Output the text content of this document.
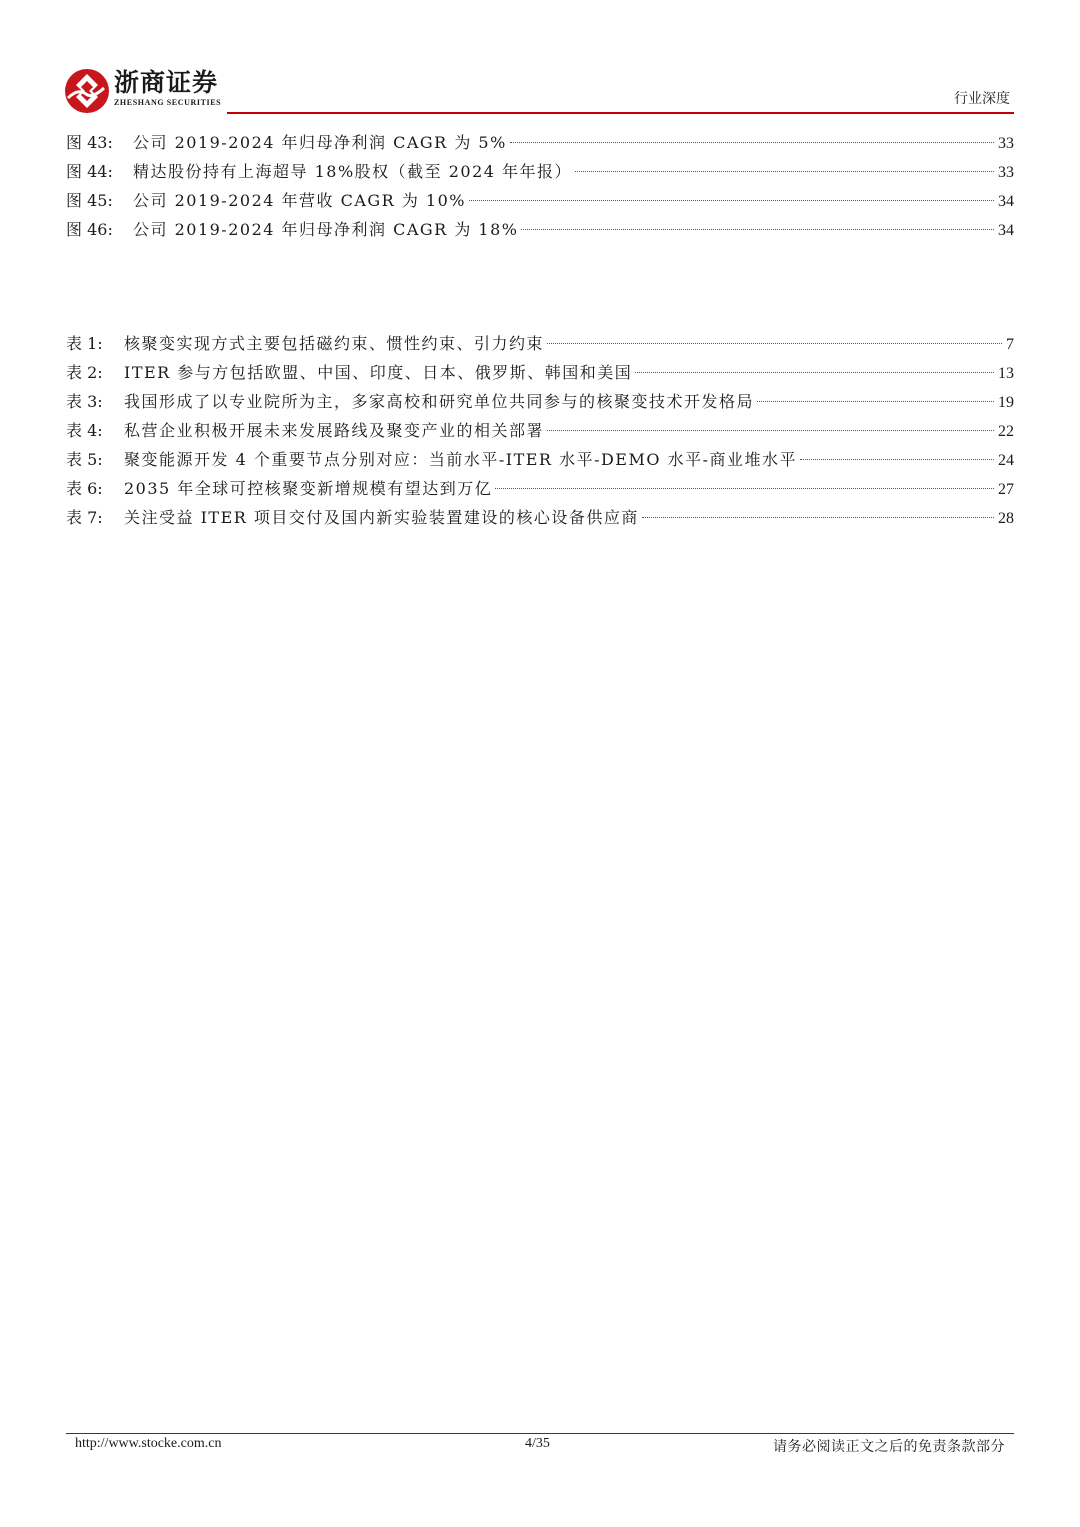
浙商证券
ZHESHANG SECURITIES	行业深度
图 43:	公司 2019-2024 年归母净利润 CAGR 为 5%	33
图 44:	精达股份持有上海超导 18%股权（截至 2024 年年报）	33
图 45:	公司 2019-2024 年营收 CAGR 为 10%	34
图 46:	公司 2019-2024 年归母净利润 CAGR 为 18%	34
表 1:	核聚变实现方式主要包括磁约束、惯性约束、引力约束	7
表 2:	ITER 参与方包括欧盟、中国、印度、日本、俄罗斯、韩国和美国	13
表 3:	我国形成了以专业院所为主，多家高校和研究单位共同参与的核聚变技术开发格局	19
表 4:	私营企业积极开展未来发展路线及聚变产业的相关部署	22
表 5:	聚变能源开发 4 个重要节点分别对应：当前水平-ITER 水平-DEMO 水平-商业堆水平	24
表 6:	2035 年全球可控核聚变新增规模有望达到万亿	27
表 7:	关注受益 ITER 项目交付及国内新实验装置建设的核心设备供应商	28
http://www.stocke.com.cn	4/35	请务必阅读正文之后的免责条款部分
